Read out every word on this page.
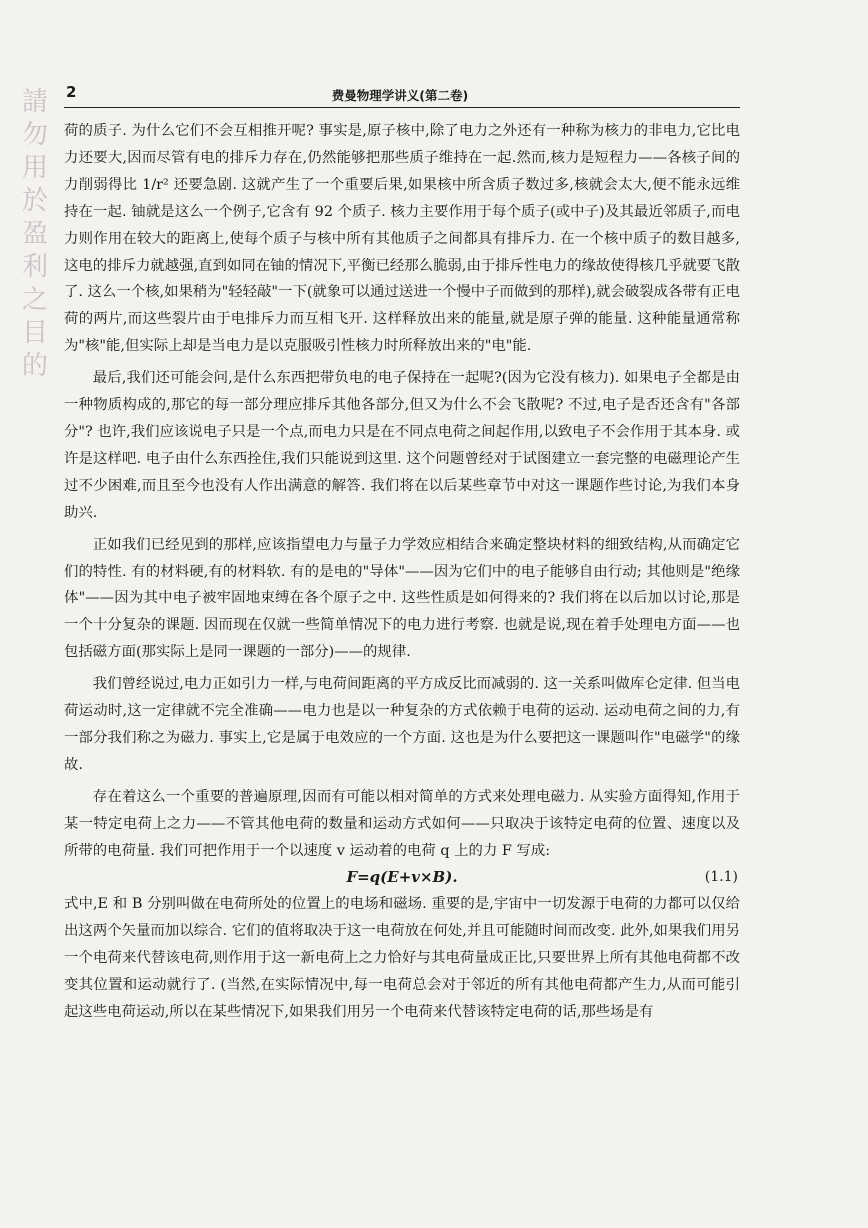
請
勿
用
於
盈
利
之
目
的
2	费曼物理学讲义(第二卷)

荷的质子. 为什么它们不会互相推开呢? 事实是,原子核中,除了电力之外还有一种称为核力的非电力,它比电力还要大,因而尽管有电的排斥力存在,仍然能够把那些质子维持在一起.然而,核力是短程力——各核子间的力削弱得比 1/r² 还要急剧. 这就产生了一个重要后果,如果核中所含质子数过多,核就会太大,便不能永远维持在一起. 铀就是这么一个例子,它含有 92 个质子. 核力主要作用于每个质子(或中子)及其最近邻质子,而电力则作用在较大的距离上,使每个质子与核中所有其他质子之间都具有排斥力. 在一个核中质子的数目越多,这电的排斥力就越强,直到如同在铀的情况下,平衡已经那么脆弱,由于排斥性电力的缘故使得核几乎就要飞散了. 这么一个核,如果稍为"轻轻敲"一下(就象可以通过送进一个慢中子而做到的那样),就会破裂成各带有正电荷的两片,而这些裂片由于电排斥力而互相飞开. 这样释放出来的能量,就是原子弹的能量. 这种能量通常称为"核"能,但实际上却是当电力是以克服吸引性核力时所释放出来的"电"能.

最后,我们还可能会问,是什么东西把带负电的电子保持在一起呢?(因为它没有核力). 如果电子全都是由一种物质构成的,那它的每一部分理应排斥其他各部分,但又为什么不会飞散呢? 不过,电子是否还含有"各部分"? 也许,我们应该说电子只是一个点,而电力只是在不同点电荷之间起作用,以致电子不会作用于其本身. 或许是这样吧. 电子由什么东西拴住,我们只能说到这里. 这个问题曾经对于试图建立一套完整的电磁理论产生过不少困难,而且至今也没有人作出满意的解答. 我们将在以后某些章节中对这一课题作些讨论,为我们本身助兴.

正如我们已经见到的那样,应该指望电力与量子力学效应相结合来确定整块材料的细致结构,从而确定它们的特性. 有的材料硬,有的材料软. 有的是电的"导体"——因为它们中的电子能够自由行动; 其他则是"绝缘体"——因为其中电子被牢固地束缚在各个原子之中. 这些性质是如何得来的? 我们将在以后加以讨论,那是一个十分复杂的课题. 因而现在仅就一些简单情况下的电力进行考察. 也就是说,现在着手处理电方面——也包括磁方面(那实际上是同一课题的一部分)——的规律.

我们曾经说过,电力正如引力一样,与电荷间距离的平方成反比而减弱的. 这一关系叫做库仑定律. 但当电荷运动时,这一定律就不完全准确——电力也是以一种复杂的方式依赖于电荷的运动. 运动电荷之间的力,有一部分我们称之为磁力. 事实上,它是属于电效应的一个方面. 这也是为什么要把这一课题叫作"电磁学"的缘故.

存在着这么一个重要的普遍原理,因而有可能以相对简单的方式来处理电磁力. 从实验方面得知,作用于某一特定电荷上之力——不管其他电荷的数量和运动方式如何——只取决于该特定电荷的位置、速度以及所带的电荷量. 我们可把作用于一个以速度 v 运动着的电荷 q 上的力 F 写成:

F=q(E+v×B).	(1.1)

式中,E 和 B 分别叫做在电荷所处的位置上的电场和磁场. 重要的是,宇宙中一切发源于电荷的力都可以仅给出这两个矢量而加以综合. 它们的值将取决于这一电荷放在何处,并且可能随时间而改变. 此外,如果我们用另一个电荷来代替该电荷,则作用于这一新电荷上之力恰好与其电荷量成正比,只要世界上所有其他电荷都不改变其位置和运动就行了. (当然,在实际情况中,每一电荷总会对于邻近的所有其他电荷都产生力,从而可能引起这些电荷运动,所以在某些情况下,如果我们用另一个电荷来代替该特定电荷的话,那些场是有
